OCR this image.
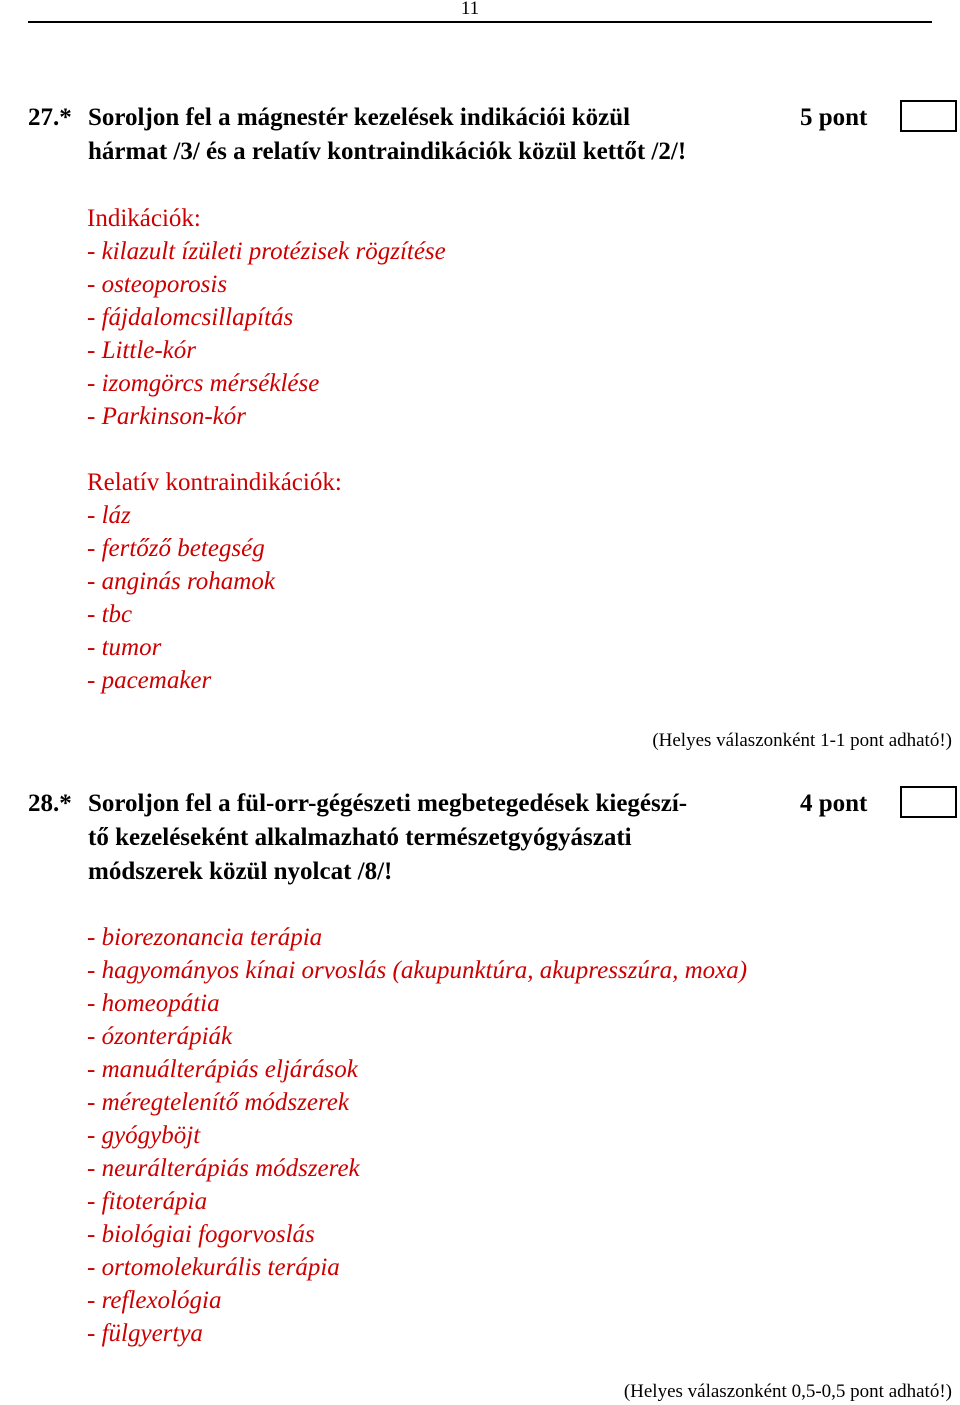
11
27.* Soroljon fel a mágnestér kezelések indikációi közül
hármat /3/ és a relatív kontraindikációk közül kettőt /2/!
5 pont
Indikációk:
- kilazult ízületi protézisek rögzítése
- osteoporosis
- fájdalomcsillapítás
- Little-kór
- izomgörcs mérséklése
- Parkinson-kór
Relatív kontraindikációk:
- láz
- fertőző betegség
- anginás rohamok
- tbc
- tumor
- pacemaker
(Helyes válaszonként 1-1 pont adható!)
28.* Soroljon fel a fül-orr-gégészeti megbetegedések kiegészí-
tő kezeléseként alkalmazható természetgyógyászati
módszerek közül nyolcat /8/!
4 pont
- biorezonancia terápia
- hagyományos kínai orvoslás (akupunktúra, akupresszúra, moxa)
- homeopátia
- ózonterápiák
- manuálterápiás eljárások
- méregtelenítő módszerek
- gyógyböjt
- neurálterápiás módszerek
- fitoterápia
- biológiai fogorvoslás
- ortomolekurális terápia
- reflexológia
- fülgyertya
(Helyes válaszonként 0,5-0,5 pont adható!)
